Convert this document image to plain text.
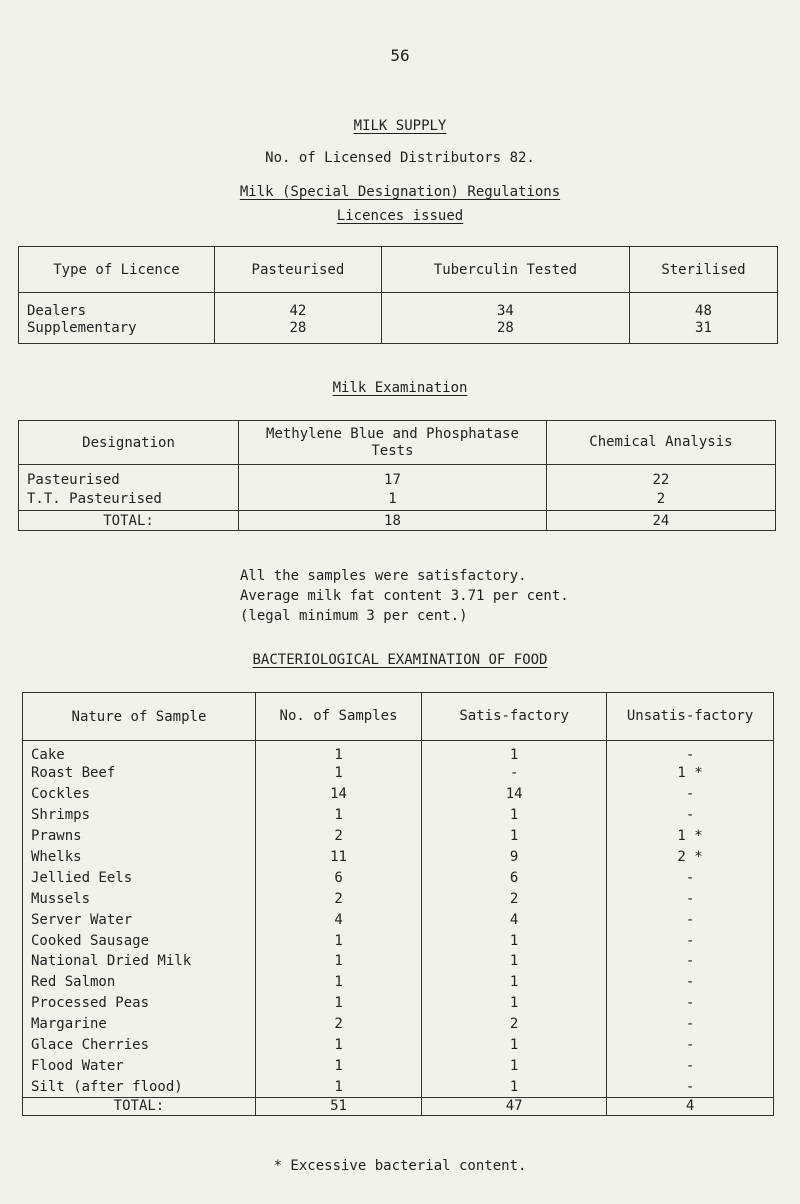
56
MILK SUPPLY
No. of Licensed Distributors 82.
Milk (Special Designation) Regulations
Licences issued
Type of Licence	Pasteurised	Tuberculin Tested	Sterilised
Dealers	42	34	48
Supplementary	28	28	31
Milk Examination
Designation	Methylene Blue and Phosphatase Tests	Chemical Analysis
Pasteurised	17	22
T.T. Pasteurised	1	2
TOTAL:	18	24
All the samples were satisfactory.
Average milk fat content 3.71 per cent.
(legal minimum 3 per cent.)
BACTERIOLOGICAL EXAMINATION OF FOOD
Nature of Sample	No. of Samples	Satis-factory	Unsatis-factory
Cake	1	1	-
Roast Beef	1	-	1 *
Cockles	14	14	-
Shrimps	1	1	-
Prawns	2	1	1 *
Whelks	11	9	2 *
Jellied Eels	6	6	-
Mussels	2	2	-
Server Water	4	4	-
Cooked Sausage	1	1	-
National Dried Milk	1	1	-
Red Salmon	1	1	-
Processed Peas	1	1	-
Margarine	2	2	-
Glace Cherries	1	1	-
Flood Water	1	1	-
Silt (after flood)	1	1	-
TOTAL:	51	47	4
* Excessive bacterial content.
